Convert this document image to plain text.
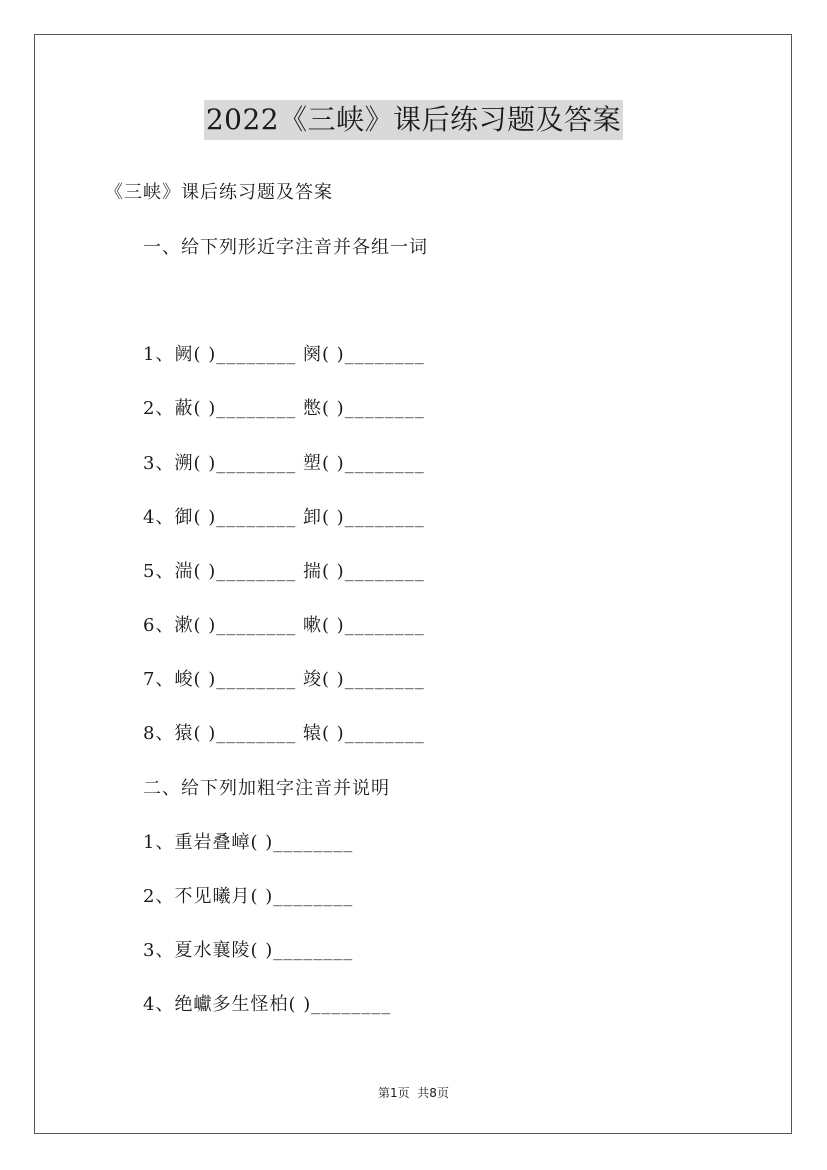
2022《三峡》课后练习题及答案
《三峡》课后练习题及答案
一、给下列形近字注音并各组一词
1、阙( )________ 阕( )________
2、蔽( )________ 憋( )________
3、溯( )________ 塑( )________
4、御( )________ 卸( )________
5、湍( )________ 揣( )________
6、漱( )________ 嗽( )________
7、峻( )________ 竣( )________
8、猿( )________ 辕( )________
二、给下列加粗字注音并说明
1、重岩叠嶂( )________
2、不见曦月( )________
3、夏水襄陵( )________
4、绝巘多生怪柏( )________
第1页  共8页
